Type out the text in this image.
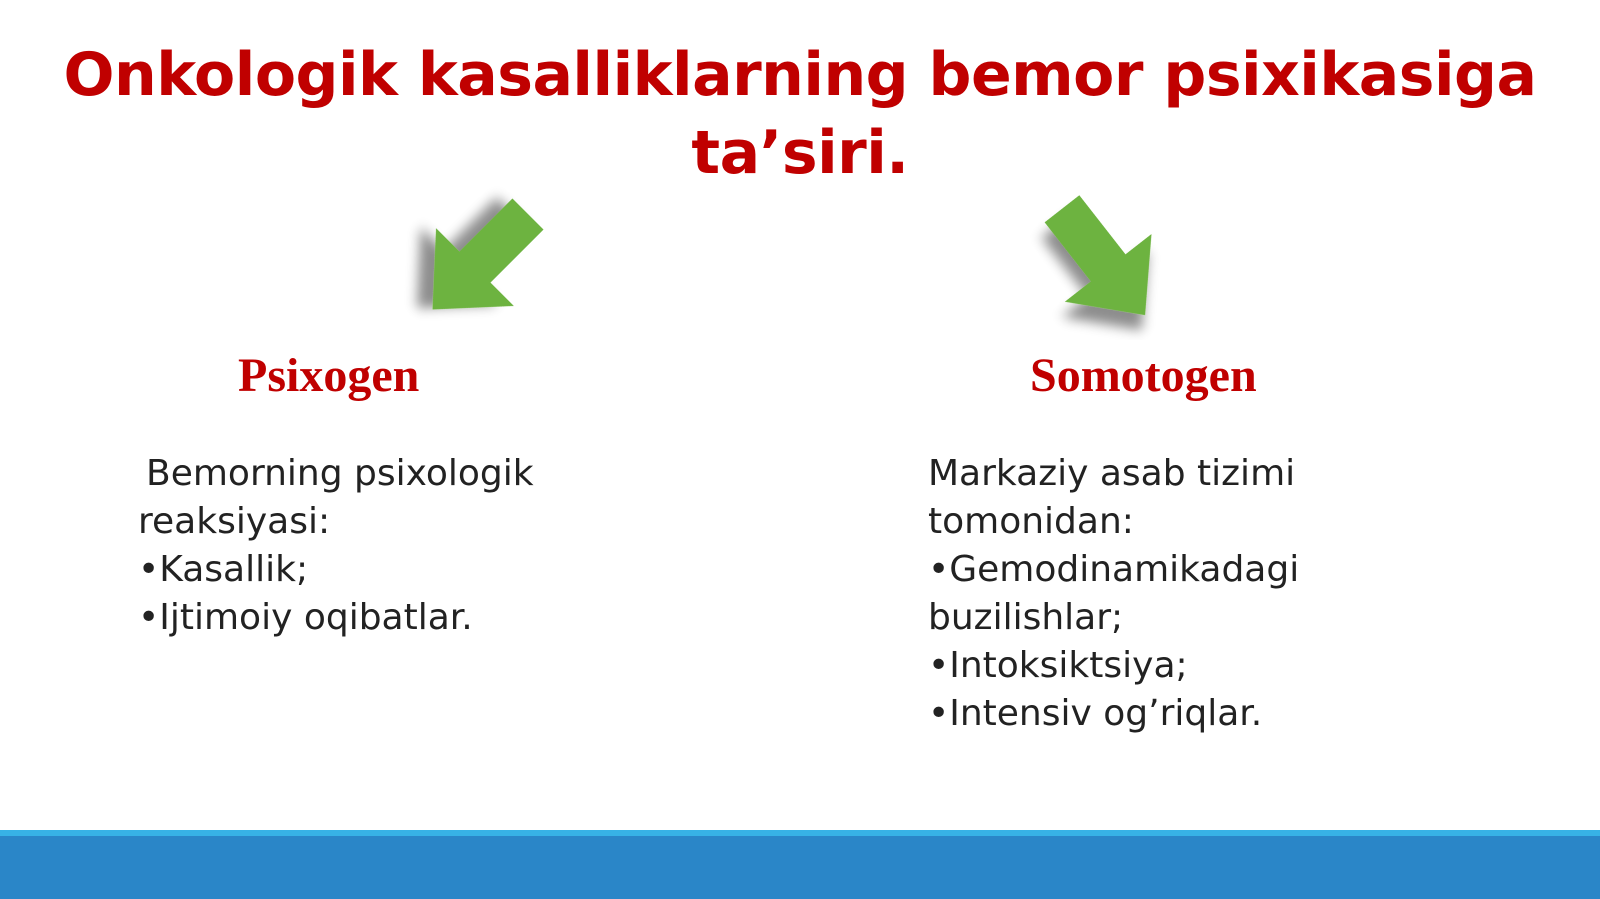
Onkologik kasalliklarning bemor psixikasiga ta’siri.
Psixogen	Somotogen
Bemorning psixologik
reaksiyasi:
•Kasallik;
•Ijtimoiy oqibatlar.
Markaziy asab tizimi
tomonidan:
•Gemodinamikadagi
buzilishlar;
•Intoksiktsiya;
•Intensiv og’riqlar.
